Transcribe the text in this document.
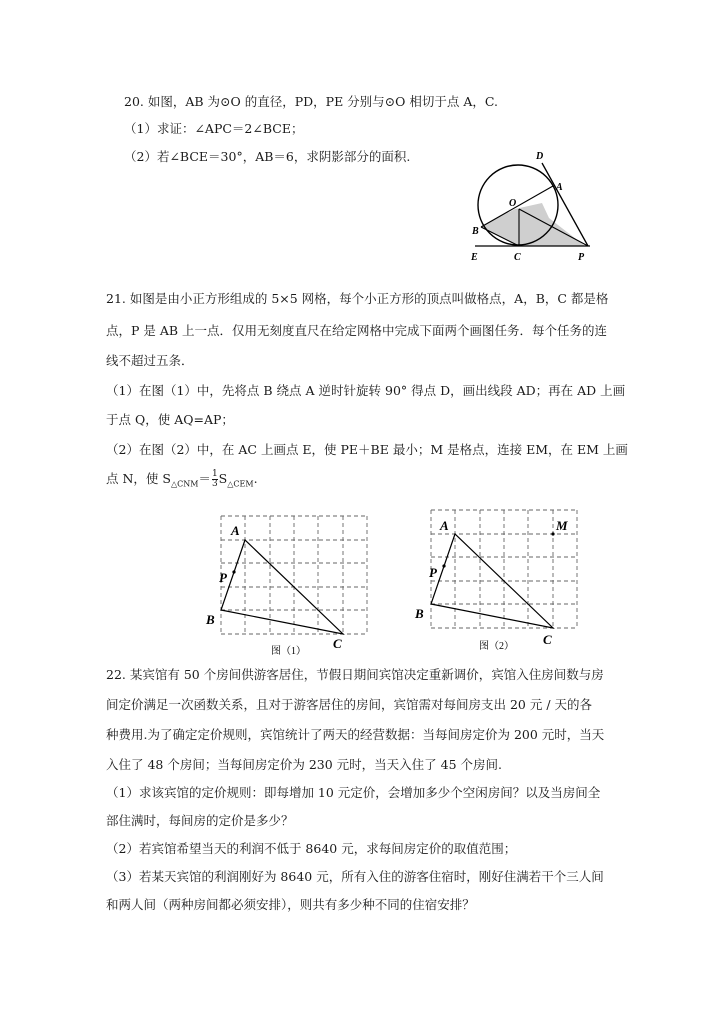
20. 如图，AB 为⊙O 的直径，PD，PE 分别与⊙O 相切于点 A，C.
（1）求证：∠APC＝2∠BCE；
（2）若∠BCE＝30°，AB＝6，求阴影部分的面积.	D
A
O
B
E	C	P
21. 如图是由小正方形组成的 5×5 网格，每个小正方形的顶点叫做格点，A，B，C 都是格
点，P 是 AB 上一点．仅用无刻度直尺在给定网格中完成下面两个画图任务．每个任务的连
线不超过五条．
（1）在图（1）中，先将点 B 绕点 A 逆时针旋转 90° 得点 D，画出线段 AD；再在 AD 上画
于点 Q，使 AQ=AP；
（2）在图（2）中，在 AC 上画点 E，使 PE＋BE 最小；M 是格点，连接 EM，在 EM 上画
点 N，使 $S_{\triangle CNM}= \frac{1}{3} S_{\triangle CEM}$.
A
P
B
C
图（1）
A	M
P
B
C
图（2）
22. 某宾馆有 50 个房间供游客居住，节假日期间宾馆决定重新调价，宾馆入住房间数与房
间定价满足一次函数关系，且对于游客居住的房间，宾馆需对每间房支出 20 元 / 天的各
种费用.为了确定定价规则，宾馆统计了两天的经营数据：当每间房定价为 200 元时，当天
入住了 48 个房间；当每间房定价为 230 元时，当天入住了 45 个房间.
（1）求该宾馆的定价规则：即每增加 10 元定价，会增加多少个空闲房间？以及当房间全
部住满时，每间房的定价是多少？
（2）若宾馆希望当天的利润不低于 8640 元，求每间房定价的取值范围；
（3）若某天宾馆的利润刚好为 8640 元，所有入住的游客住宿时，刚好住满若干个三人间
和两人间（两种房间都必须安排），则共有多少种不同的住宿安排？
